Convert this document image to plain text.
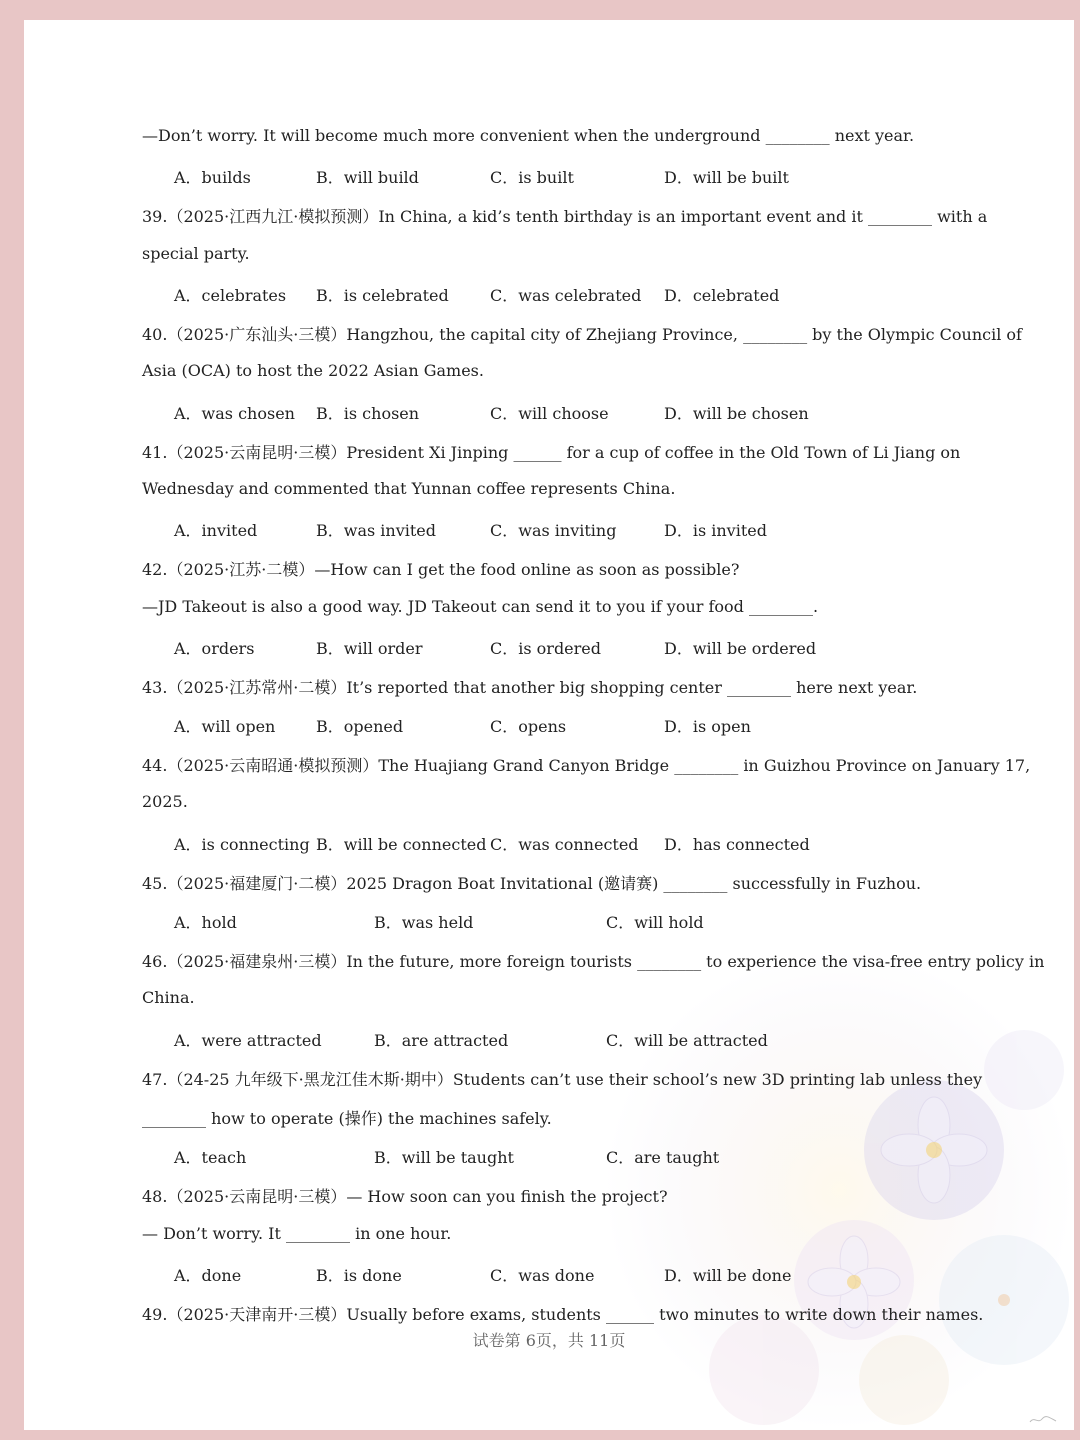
—Don’t worry. It will become much more convenient when the underground ________ next year.
A．builds	B．will build	C．is built	D．will be built
39.（2025·江西九江·模拟预测）In China, a kid’s tenth birthday is an important event and it ________ with a
special party.
A．celebrates B．is celebrated	C．was celebrated D．celebrated
40.（2025·广东汕头·三模）Hangzhou, the capital city of Zhejiang Province, ________ by the Olympic Council of
Asia (OCA) to host the 2022 Asian Games.
A．was chosen B．is chosen	C．will choose	D．will be chosen
41.（2025·云南昆明·三模）President Xi Jinping ______ for a cup of coffee in the Old Town of Li Jiang on
Wednesday and commented that Yunnan coffee represents China.
A．invited	B．was invited	C．was inviting	D．is invited
42.（2025·江苏·二模）—How can I get the food online as soon as possible?
—JD Takeout is also a good way. JD Takeout can send it to you if your food ________.
A．orders	B．will order	C．is ordered	D．will be ordered
43.（2025·江苏常州·二模）It’s reported that another big shopping center ________ here next year.
A．will open	B．opened	C．opens	D．is open
44.（2025·云南昭通·模拟预测）The Huajiang Grand Canyon Bridge ________ in Guizhou Province on January 17,
2025.
A．is connecting B．will be connected C．was connected D．has connected
45.（2025·福建厦门·二模）2025 Dragon Boat Invitational (邀请赛) ________ successfully in Fuzhou.
A．hold	B．was held	C．will hold
46.（2025·福建泉州·三模）In the future, more foreign tourists ________ to experience the visa-free entry policy in
China.
A．were attracted	B．are attracted	C．will be attracted
47.（24-25 九年级下·黑龙江佳木斯·期中）Students can’t use their school’s new 3D printing lab unless they
________ how to operate (操作) the machines safely.
A．teach	B．will be taught	C．are taught
48.（2025·云南昆明·三模）— How soon can you finish the project?
— Don’t worry. It ________ in one hour.
A．done	B．is done	C．was done	D．will be done
49.（2025·天津南开·三模）Usually before exams, students ______ two minutes to write down their names.
试卷第 6页，共 11页
